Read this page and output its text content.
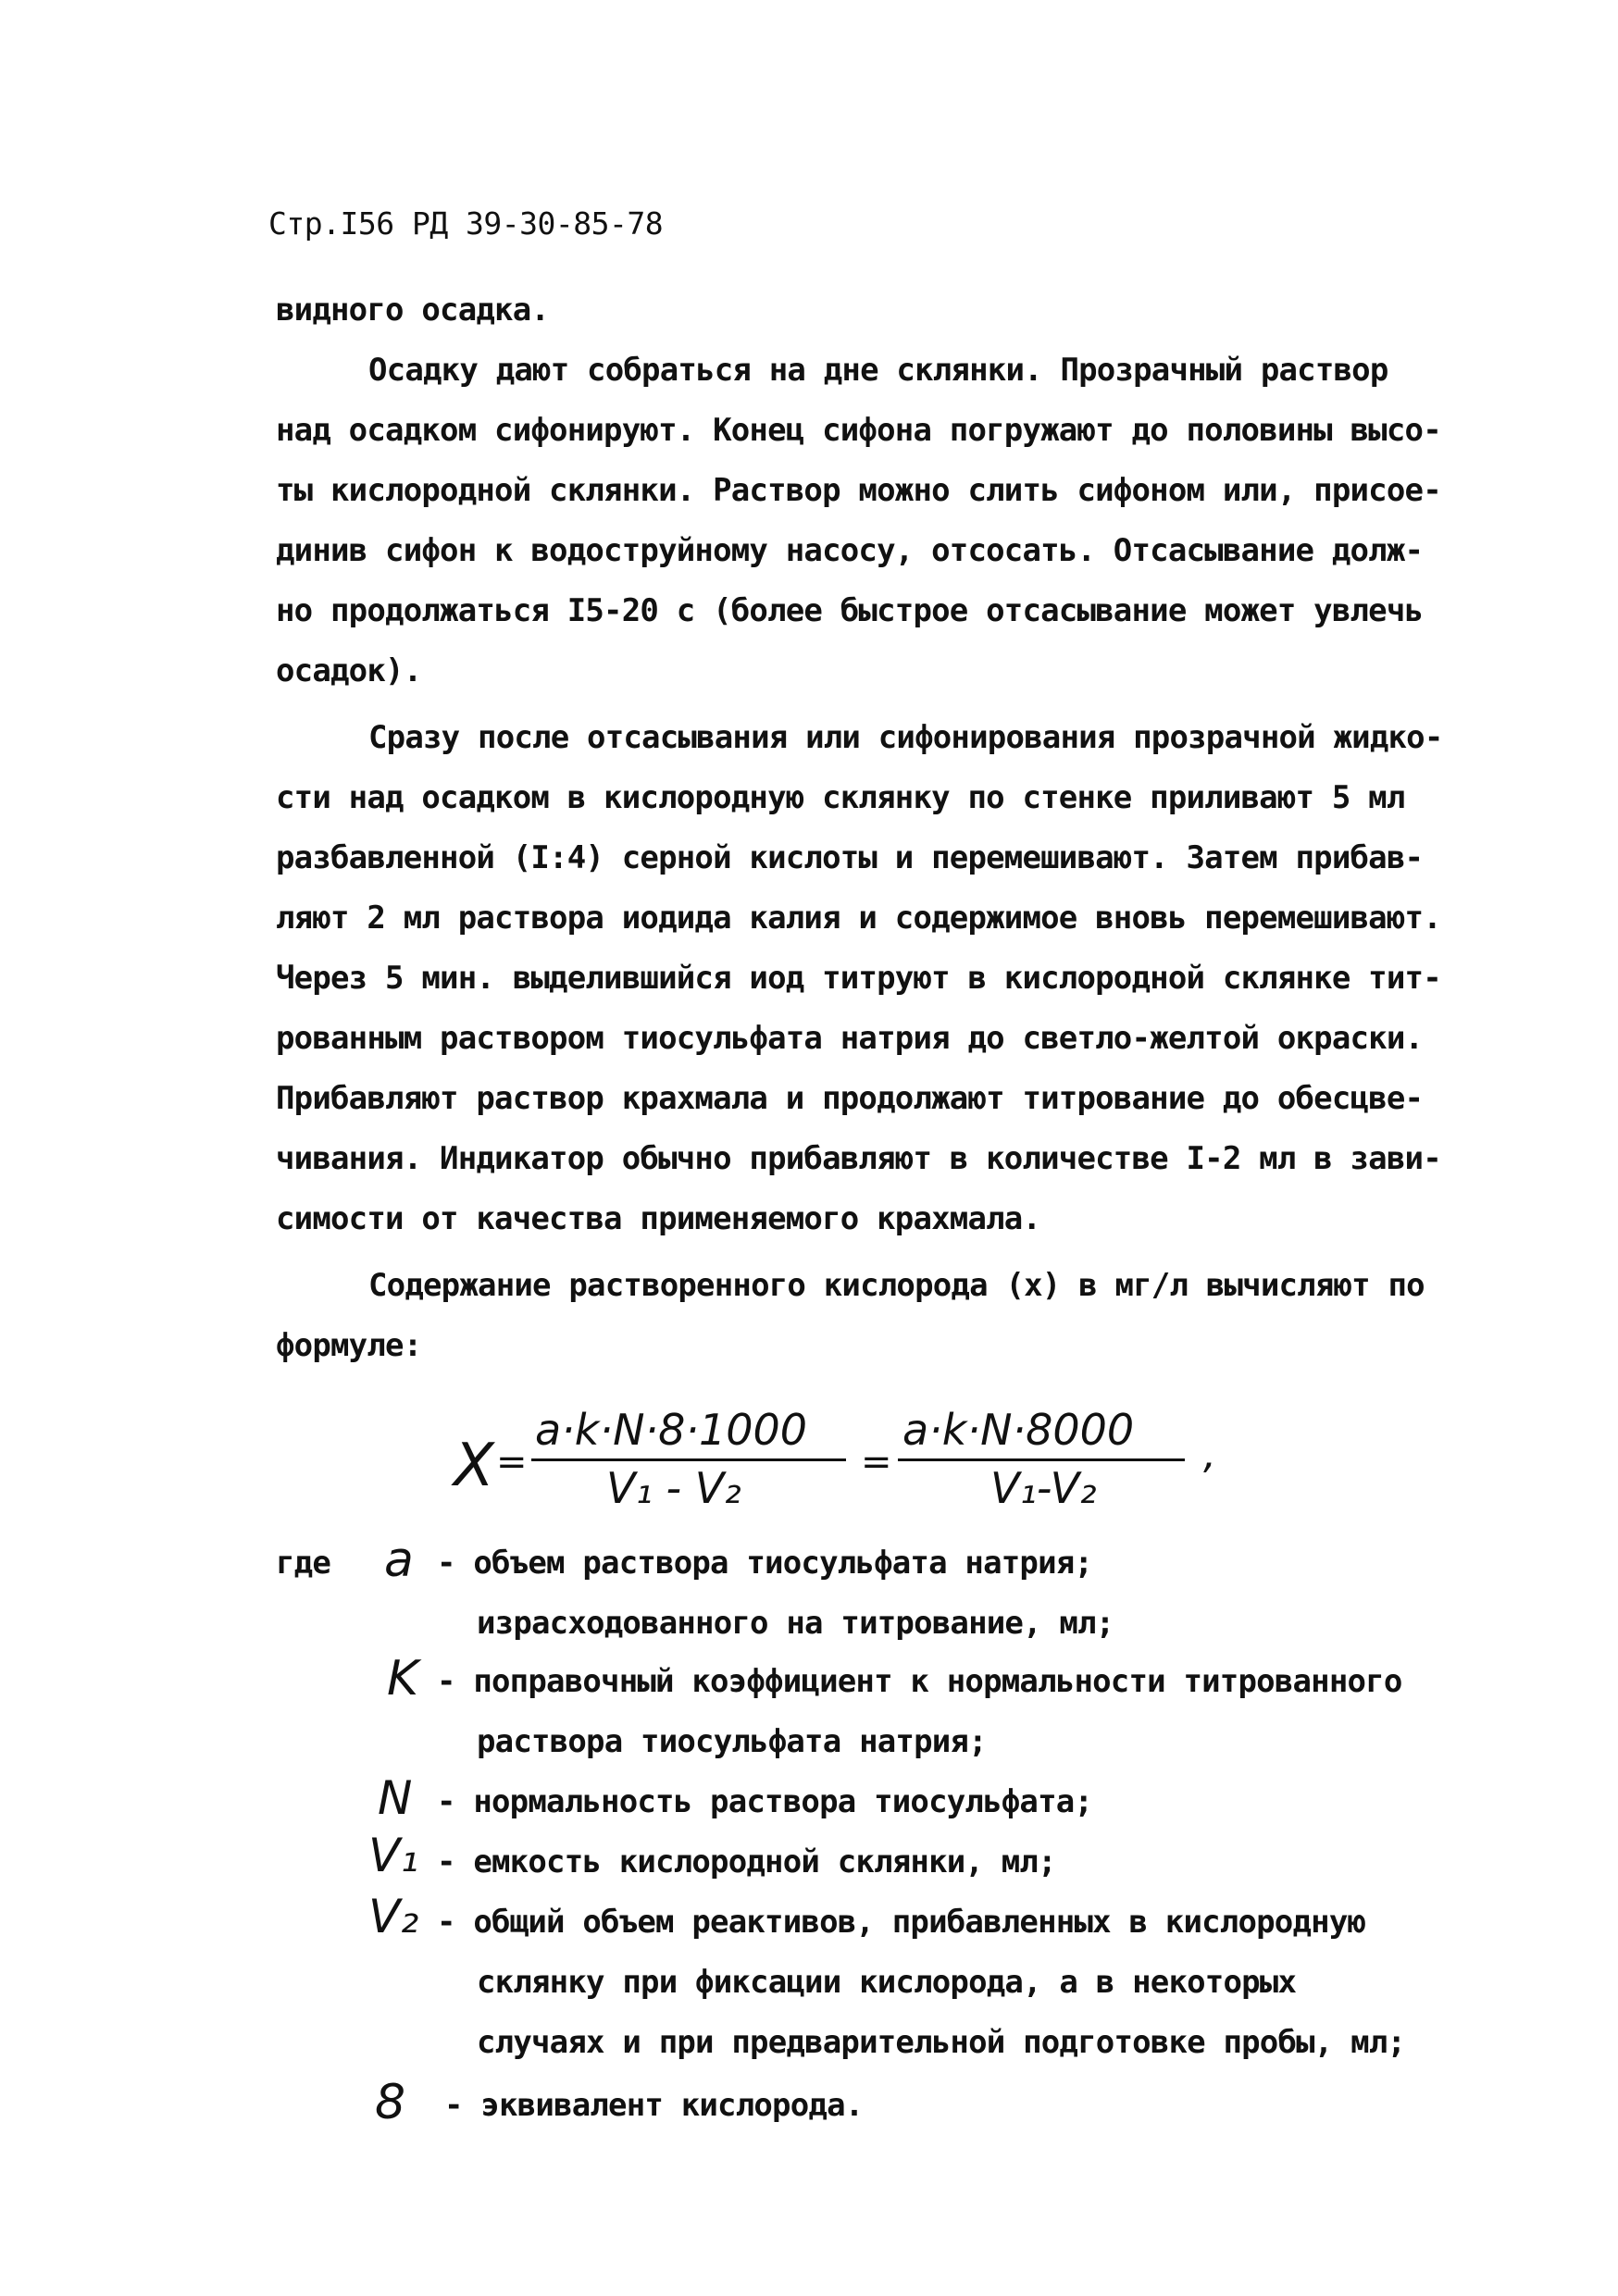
Стр.I56 РД 39-30-85-78
видного осадка.
Осадку дают собраться на дне склянки. Прозрачный раствор
над осадком сифонируют. Конец сифона погружают до половины высо-
ты кислородной склянки. Раствор можно слить сифоном или, присое-
динив сифон к водоструйному насосу, отсосать. Отсасывание долж-
но продолжаться I5-20 с (более быстрое отсасывание может увлечь
осадок).
Сразу после отсасывания или сифонирования прозрачной жидко-
сти над осадком в кислородную склянку по стенке приливают 5 мл
разбавленной (I:4) серной кислоты и перемешивают. Затем прибав-
ляют 2 мл раствора иодида калия и содержимое вновь перемешивают.
Через 5 мин. выделившийся иод титруют в кислородной склянке тит-
рованным раствором тиосульфата натрия до светло-желтой окраски.
Прибавляют раствор крахмала и продолжают титрование до обесцве-
чивания. Индикатор обычно прибавляют в количестве I-2 мл в зави-
симости от качества применяемого крахмала.
Содержание растворенного кислорода (x) в мг/л вычисляют по
формуле:
X =
a·k·N·8·1000
V₁ - V₂
=
a·k·N·8000
V₁-V₂
,
где a - объем раствора тиосульфата натрия;
израсходованного на титрование, мл;
K - поправочный коэффициент к нормальности титрованного
раствора тиосульфата натрия;
N - нормальность раствора тиосульфата;
V₁ - емкость кислородной склянки, мл;
V₂ - общий объем реактивов, прибавленных в кислородную
склянку при фиксации кислорода, а в некоторых
случаях и при предварительной подготовке пробы, мл;
8 - эквивалент кислорода.
